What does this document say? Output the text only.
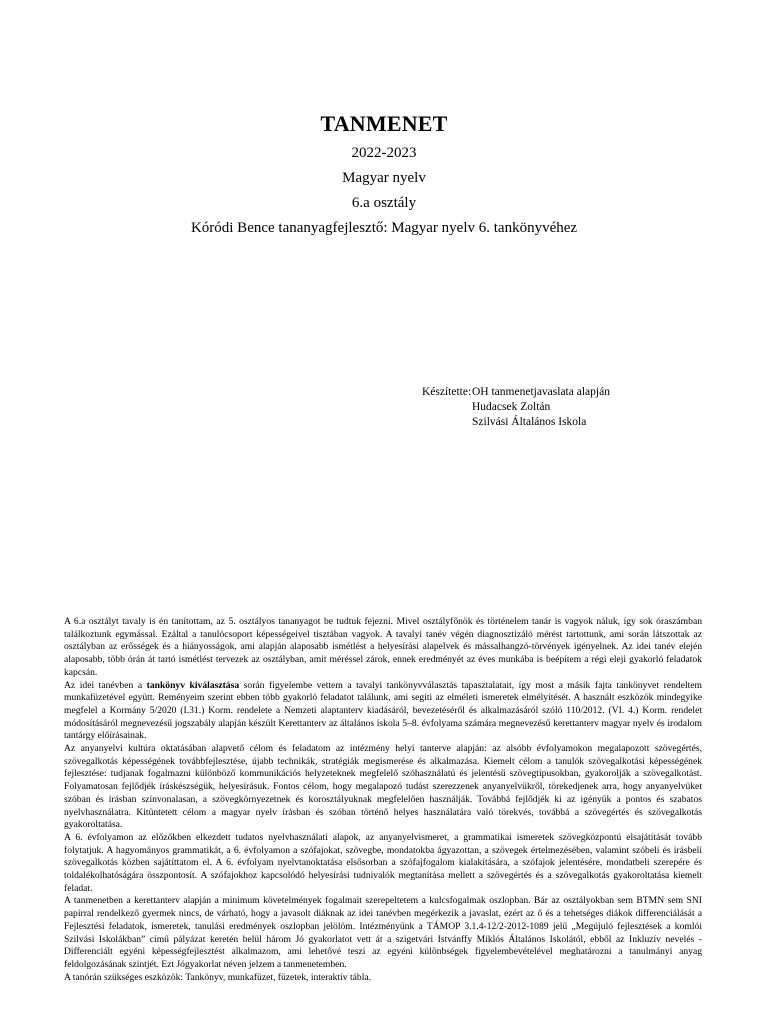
TANMENET
2022-2023
Magyar nyelv
6.a osztály
Kóródi Bence tananyagfejlesztő: Magyar nyelv 6. tankönyvéhez
Készítette: OH tanmenetjavaslata alapján
Hudacsek Zoltán
Szilvási Általános Iskola

A 6.a osztályt tavaly is én tanítottam, az 5. osztályos tananyagot be tudtuk fejezni. Mivel osztályfőnök és történelem tanár is vagyok náluk, így sok óraszámban találkoztunk egymással. Ezáltal a tanulócsoport képességeivel tisztában vagyok. A tavalyi tanév végén diagnosztizáló mérést tartottunk, ami során látszottak az osztályban az erősségek és a hiányosságok, ami alapján alaposabb ismétlést a helyesírási alapelvek és mássalhangzó-törvények igényelnek. Az idei tanév elején alaposabb, több órán át tartó ismétlést tervezek az osztályban, amit méréssel zárok, ennek eredményét az éves munkába is beépítem a régi eleji gyakorló feladatok kapcsán.

Az idei tanévben a tankönyv kiválasztása során figyelembe vettem a tavalyi tankönyvválasztás tapasztalatait, így most a másik fajta tankönyvet rendeltem munkafüzetével együtt. Reményeim szerint ebben több gyakorló feladatot találunk, ami segíti az elméleti ismeretek elmélyítését. A használt eszközök mindegyike megfelel a Kormány 5/2020 (I.31.) Korm. rendelete a Nemzeti alaptanterv kiadásáról, bevezetéséről és alkalmazásáról szóló 110/2012. (VI. 4.) Korm. rendelet módosításáról megnevezésű jogszabály alapján készült Kerettanterv az általános iskola 5–8. évfolyama számára megnevezésű kerettanterv magyar nyelv és irodalom tantárgy előírásainak.

Az anyanyelvi kultúra oktatásában alapvető célom és feladatom az intézmény helyi tanterve alapján: az alsóbb évfolyamokon megalapozott szövegértés, szövegalkotás képességének továbbfejlesztése, újabb technikák, stratégiák megismerése és alkalmazása. Kiemelt célom a tanulók szövegalkotási képességének fejlesztése: tudjanak fogalmazni különböző kommunikációs helyzeteknek megfelelő szóhasználatú és jelentésű szövegtípusokban, gyakorolják a szövegalkotást. Folyamatosan fejlődjék íráskészségük, helyesírásuk. Fontos célom, hogy megalapozó tudást szerezzenek anyanyelvükről, törekedjenek arra, hogy anyanyelvüket szóban és írásban színvonalasan, a szövegkörnyezetnek és korosztályuknak megfelelően használják. Továbbá fejlődjék ki az igényük a pontos és szabatos nyelvhasználatra. Kitüntetett célom a magyar nyelv írásban és szóban történő helyes használatára való törekvés, továbbá a szövegértés és szövegalkotás gyakoroltatása.

A 6. évfolyamon az előzőkben elkezdett tudatos nyelvhasználati alapok, az anyanyelvismeret, a grammatikai ismeretek szövegközpontú elsajátítását tovább folytatjuk. A hagyományos grammatikát, a 6. évfolyamon a szófajokat, szövegbe, mondatokba ágyazottan, a szövegek értelmezésében, valamint szóbeli és írásbeli szövegalkotás közben sajátíttatom el. A 6. évfolyam nyelvtanoktatása elsősorban a szófajfogalom kialakítására, a szófajok jelentésére, mondatbeli szerepére és toldalékolhatóságára összpontosít. A szófajokhoz kapcsolódó helyesírási tudnivalók megtanítása mellett a szövegértés és a szövegalkotás gyakoroltatása kiemelt feladat.

A tanmenetben a kerettanterv alapján a minimum követelmények fogalmait szerepeltetem a kulcsfogalmak oszlopban. Bár az osztályokban sem BTMN sem SNI papírral rendelkező gyermek nincs, de várható, hogy a javasolt diáknak az idei tanévben megérkezik a javaslat, ezért az ő és a tehetséges diákok differenciálását a Fejlesztési feladatok, ismeretek, tanulási eredmények oszlopban jelölöm. Intézményünk a TÁMOP 3.1.4-12/2-2012-1089 jelű „Megújuló fejlesztések a komlói Szilvási Iskolákban” című pályázat keretén belül három Jó gyakorlatot vett át a szigetvári Istvánffy Miklós Általános Iskolától, ebből az Inkluzív nevelés - Differenciált egyéni képességfejlesztést alkalmazom, ami lehetővé teszi az egyéni különbségek figyelembevételével meghatározni a tanulmányi anyag feldolgozásának szintjét. Ezt Jógyakorlat néven jelzem a tanmenetemben.

A tanórán szükséges eszközök: Tankönyv, munkafüzet, füzetek, interaktív tábla.
